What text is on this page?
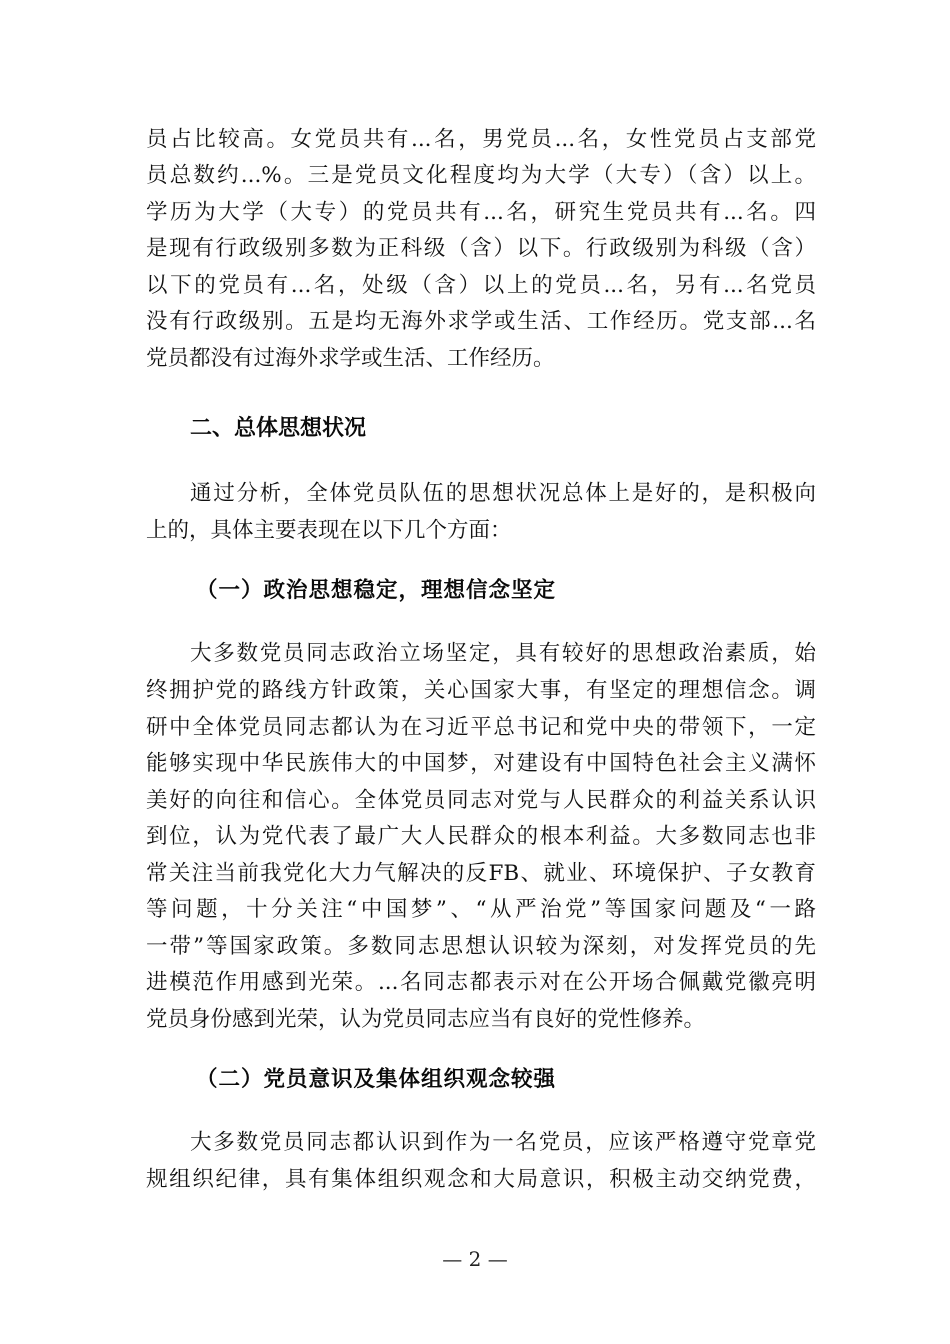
员占比较高。女党员共有...名，男党员...名，女性党员占支部党
员总数约...%。三是党员文化程度均为大学（大专）（含）以上。
学历为大学（大专）的党员共有...名，研究生党员共有...名。四
是现有行政级别多数为正科级（含）以下。行政级别为科级（含）
以下的党员有...名，处级（含）以上的党员...名，另有...名党员
没有行政级别。五是均无海外求学或生活、工作经历。党支部...名
党员都没有过海外求学或生活、工作经历。
二、总体思想状况
通过分析，全体党员队伍的思想状况总体上是好的，是积极向
上的，具体主要表现在以下几个方面：
（一）政治思想稳定，理想信念坚定
大多数党员同志政治立场坚定，具有较好的思想政治素质，始
终拥护党的路线方针政策，关心国家大事，有坚定的理想信念。调
研中全体党员同志都认为在习近平总书记和党中央的带领下，一定
能够实现中华民族伟大的中国梦，对建设有中国特色社会主义满怀
美好的向往和信心。全体党员同志对党与人民群众的利益关系认识
到位，认为党代表了最广大人民群众的根本利益。大多数同志也非
常关注当前我党化大力气解决的反FB、就业、环境保护、子女教育
等问题，十分关注“中国梦”、“从严治党”等国家问题及“一路
一带”等国家政策。多数同志思想认识较为深刻，对发挥党员的先
进模范作用感到光荣。...名同志都表示对在公开场合佩戴党徽亮明
党员身份感到光荣，认为党员同志应当有良好的党性修养。
（二）党员意识及集体组织观念较强
大多数党员同志都认识到作为一名党员，应该严格遵守党章党
规组织纪律，具有集体组织观念和大局意识，积极主动交纳党费，
— 2 —
